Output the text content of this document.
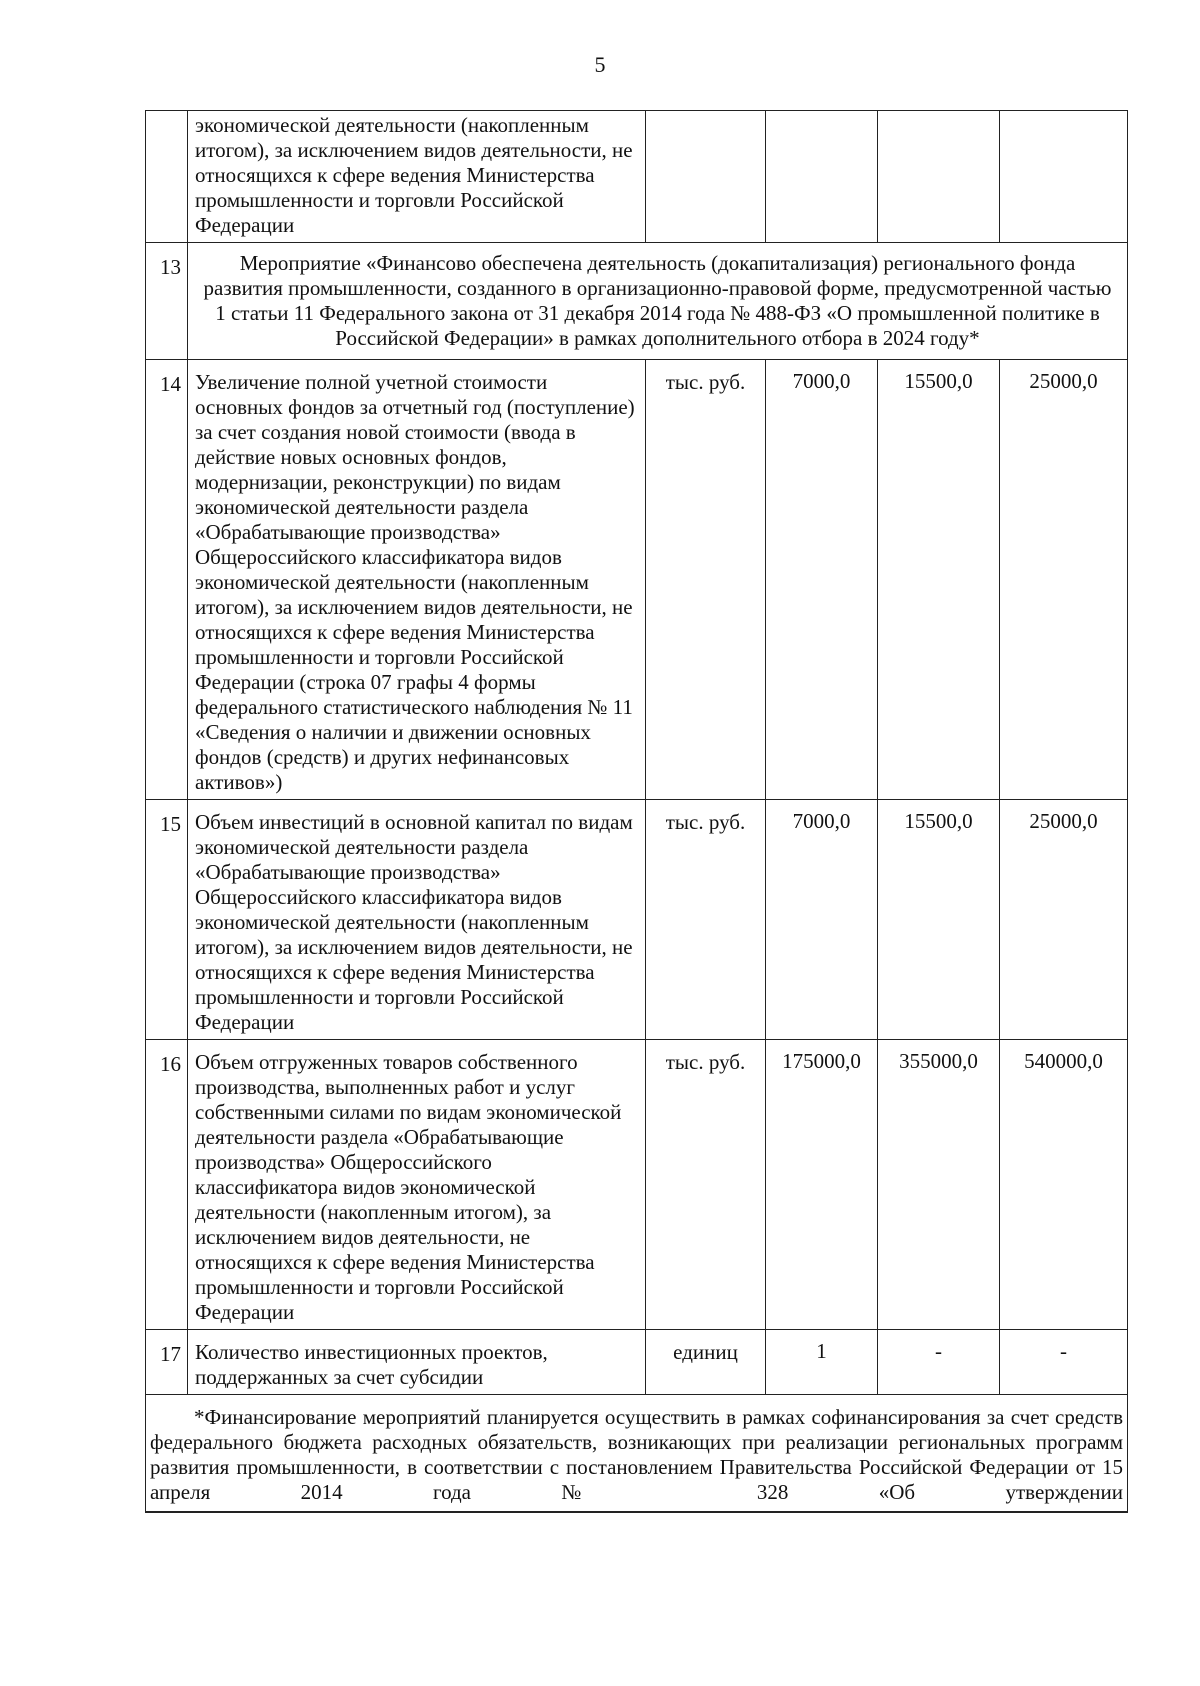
5
	экономической деятельности (накопленным итогом), за исключением видов деятельности, не относящихся к сфере ведения Министерства промышленности и торговли Российской Федерации				
13	Мероприятие «Финансово обеспечена деятельность (докапитализация) регионального фонда развития промышленности, созданного в организационно-правовой форме, предусмотренной частью 1 статьи 11 Федерального закона от 31 декабря 2014 года № 488-ФЗ «О промышленной политике в Российской Федерации» в рамках дополнительного отбора в 2024 году*				
14	Увеличение полной учетной стоимости основных фондов за отчетный год (поступление) за счет создания новой стоимости (ввода в действие новых основных фондов, модернизации, реконструкции) по видам экономической деятельности раздела «Обрабатывающие производства» Общероссийского классификатора видов экономической деятельности (накопленным итогом), за исключением видов деятельности, не относящихся к сфере ведения Министерства промышленности и торговли Российской Федерации (строка 07 графы 4 формы федерального статистического наблюдения № 11 «Сведения о наличии и движении основных фондов (средств) и других нефинансовых активов»)	тыс. руб.	7000,0	15500,0	25000,0
15	Объем инвестиций в основной капитал по видам экономической деятельности раздела «Обрабатывающие производства» Общероссийского классификатора видов экономической деятельности (накопленным итогом), за исключением видов деятельности, не относящихся к сфере ведения Министерства промышленности и торговли Российской Федерации	тыс. руб.	7000,0	15500,0	25000,0
16	Объем отгруженных товаров собственного производства, выполненных работ и услуг собственными силами по видам экономической деятельности раздела «Обрабатывающие производства» Общероссийского классификатора видов экономической деятельности (накопленным итогом), за исключением видов деятельности, не относящихся к сфере ведения Министерства промышленности и торговли Российской Федерации	тыс. руб.	175000,0	355000,0	540000,0
17	Количество инвестиционных проектов, поддержанных за счет субсидии	единиц	1	-	-
*Финансирование мероприятий планируется осуществить в рамках софинансирования за счет средств федерального бюджета расходных обязательств, возникающих при реализации региональных программ развития промышленности, в соответствии с постановлением Правительства Российской Федерации от 15 апреля 2014 года № 328 «Об утверждении					
